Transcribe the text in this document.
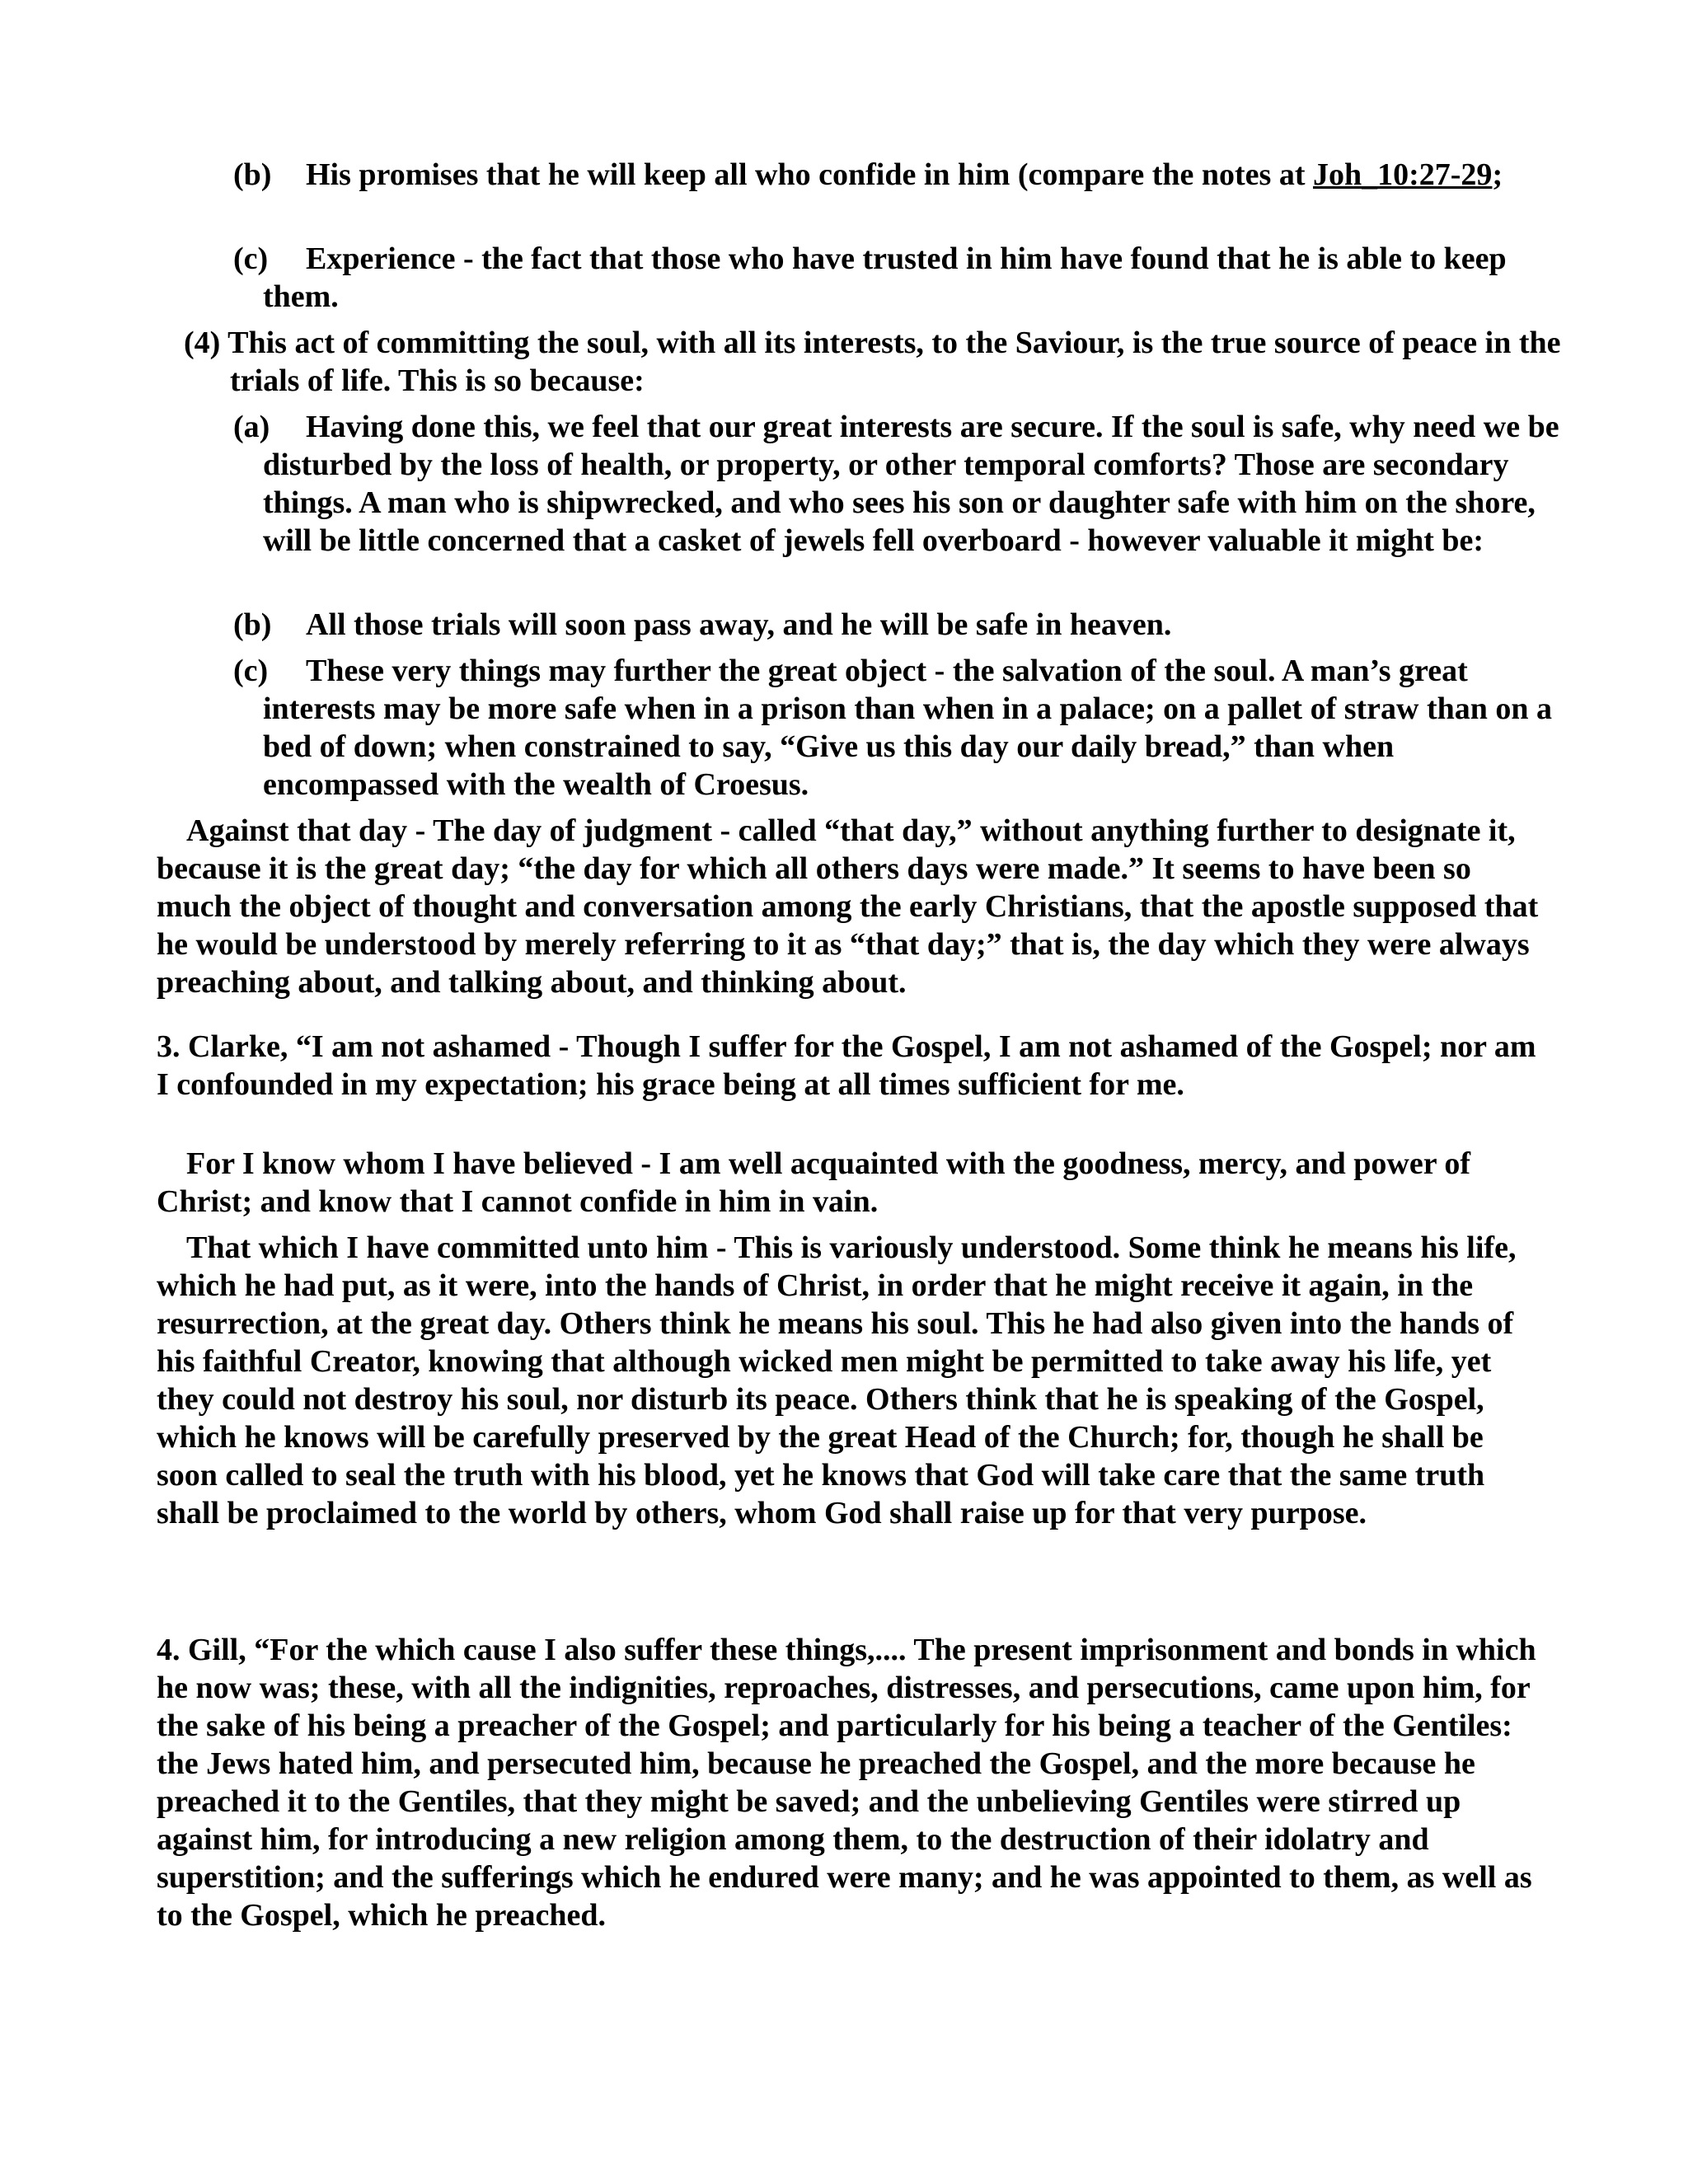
(b) His promises that he will keep all who confide in him (compare the notes at Joh_10:27-29;
(c) Experience - the fact that those who have trusted in him have found that he is able to keep them.
(4) This act of committing the soul, with all its interests, to the Saviour, is the true source of peace in the trials of life. This is so because:
(a) Having done this, we feel that our great interests are secure. If the soul is safe, why need we be disturbed by the loss of health, or property, or other temporal comforts? Those are secondary things. A man who is shipwrecked, and who sees his son or daughter safe with him on the shore, will be little concerned that a casket of jewels fell overboard - however valuable it might be:
(b) All those trials will soon pass away, and he will be safe in heaven.
(c) These very things may further the great object - the salvation of the soul. A man’s great interests may be more safe when in a prison than when in a palace; on a pallet of straw than on a bed of down; when constrained to say, “Give us this day our daily bread,” than when encompassed with the wealth of Croesus.
Against that day - The day of judgment - called “that day,” without anything further to designate it, because it is the great day; “the day for which all others days were made.” It seems to have been so much the object of thought and conversation among the early Christians, that the apostle supposed that he would be understood by merely referring to it as “that day;” that is, the day which they were always preaching about, and talking about, and thinking about.
3. Clarke, “I am not ashamed - Though I suffer for the Gospel, I am not ashamed of the Gospel; nor am I confounded in my expectation; his grace being at all times sufficient for me.
For I know whom I have believed - I am well acquainted with the goodness, mercy, and power of Christ; and know that I cannot confide in him in vain.
That which I have committed unto him - This is variously understood. Some think he means his life, which he had put, as it were, into the hands of Christ, in order that he might receive it again, in the resurrection, at the great day. Others think he means his soul. This he had also given into the hands of his faithful Creator, knowing that although wicked men might be permitted to take away his life, yet they could not destroy his soul, nor disturb its peace. Others think that he is speaking of the Gospel, which he knows will be carefully preserved by the great Head of the Church; for, though he shall be soon called to seal the truth with his blood, yet he knows that God will take care that the same truth shall be proclaimed to the world by others, whom God shall raise up for that very purpose.
4. Gill, “For the which cause I also suffer these things,.... The present imprisonment and bonds in which he now was; these, with all the indignities, reproaches, distresses, and persecutions, came upon him, for the sake of his being a preacher of the Gospel; and particularly for his being a teacher of the Gentiles: the Jews hated him, and persecuted him, because he preached the Gospel, and the more because he preached it to the Gentiles, that they might be saved; and the unbelieving Gentiles were stirred up against him, for introducing a new religion among them, to the destruction of their idolatry and superstition; and the sufferings which he endured were many; and he was appointed to them, as well as to the Gospel, which he preached.
